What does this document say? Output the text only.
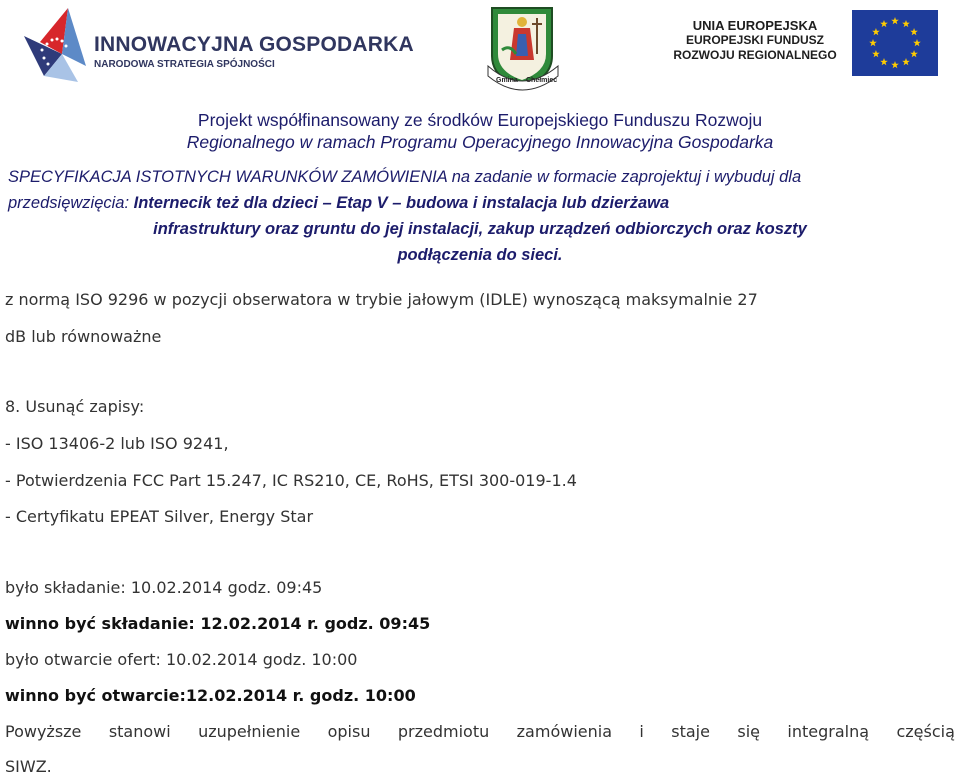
INNOWACYJNA GOSPODARKA
NARODOWA STRATEGIA SPÓJNOŚCI
Gmina Chełmiec
UNIA EUROPEJSKA
EUROPEJSKI FUNDUSZ
ROZWOJU REGIONALNEGO
Projekt współfinansowany ze środków Europejskiego Funduszu Rozwoju
Regionalnego w ramach Programu Operacyjnego Innowacyjna Gospodarka
SPECYFIKACJA ISTOTNYCH WARUNKÓW ZAMÓWIENIA na zadanie w formacie zaprojektuj i wybuduj dla
przedsięwzięcia: Internecik też dla dzieci – Etap V – budowa i instalacja lub dzierżawa
infrastruktury oraz gruntu do jej instalacji, zakup urządzeń odbiorczych oraz koszty
podłączenia do sieci.
z normą ISO 9296 w pozycji obserwatora w trybie jałowym (IDLE) wynoszącą maksymalnie 27
dB lub równoważne
8. Usunąć zapisy:
- ISO 13406-2 lub ISO 9241,
- Potwierdzenia FCC Part 15.247, IC RS210, CE, RoHS, ETSI 300-019-1.4
- Certyfikatu EPEAT Silver, Energy Star
było składanie: 10.02.2014 godz. 09:45
winno być składanie: 12.02.2014 r. godz. 09:45
było otwarcie ofert: 10.02.2014 godz. 10:00
winno być otwarcie:12.02.2014 r. godz. 10:00
Powyższe stanowi uzupełnienie opisu przedmiotu zamówienia i staje się integralną częścią
SIWZ.
